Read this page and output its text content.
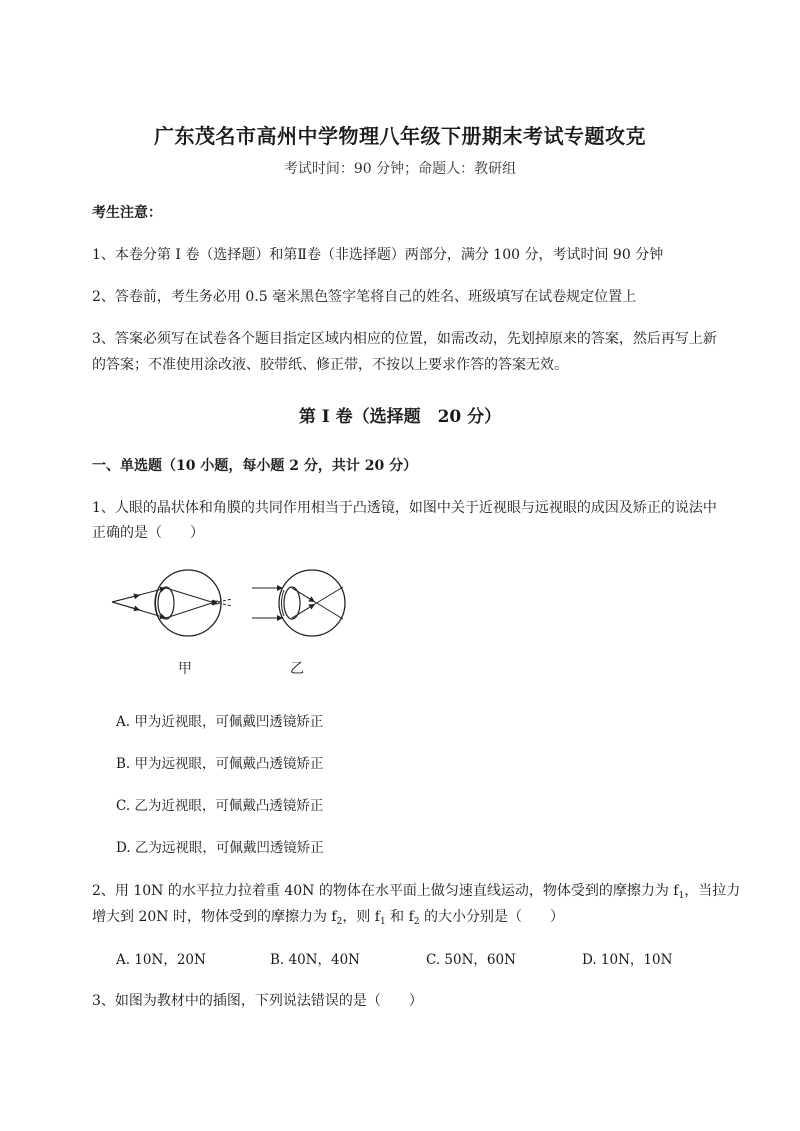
广东茂名市高州中学物理八年级下册期末考试专题攻克
考试时间：90 分钟；命题人：教研组
考生注意：
1、本卷分第 I 卷（选择题）和第Ⅱ卷（非选择题）两部分，满分 100 分，考试时间 90 分钟
2、答卷前，考生务必用 0.5 毫米黑色签字笔将自己的姓名、班级填写在试卷规定位置上
3、答案必须写在试卷各个题目指定区域内相应的位置，如需改动，先划掉原来的答案，然后再写上新
的答案；不准使用涂改液、胶带纸、修正带，不按以上要求作答的答案无效。
第 I 卷（选择题　20 分）
一、单选题（10 小题，每小题 2 分，共计 20 分）
1、人眼的晶状体和角膜的共同作用相当于凸透镜，如图中关于近视眼与远视眼的成因及矫正的说法中
正确的是（　　）
甲	乙
A. 甲为近视眼，可佩戴凹透镜矫正
B. 甲为远视眼，可佩戴凸透镜矫正
C. 乙为近视眼，可佩戴凸透镜矫正
D. 乙为远视眼，可佩戴凹透镜矫正
2、用 10N 的水平拉力拉着重 40N 的物体在水平面上做匀速直线运动，物体受到的摩擦力为 $f_1$，当拉力
增大到 20N 时，物体受到的摩擦力为 $f_2$，则 $f_1$ 和 $f_2$ 的大小分别是（　　）
A. 10N，20N	B. 40N，40N	C. 50N，60N	D. 10N，10N
3、如图为教材中的插图，下列说法错误的是（　　）
